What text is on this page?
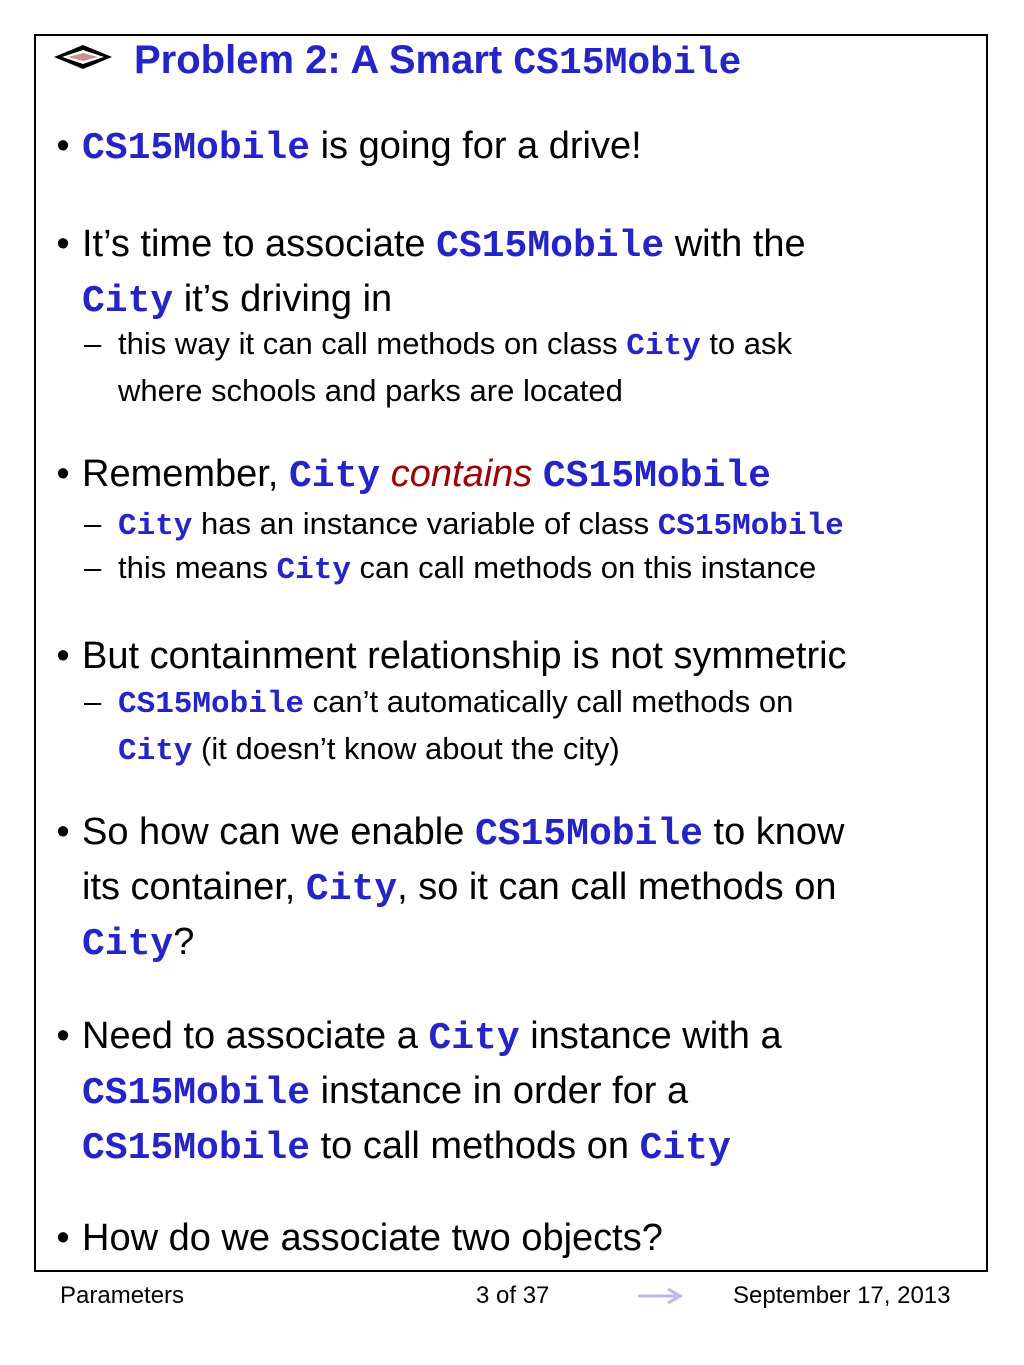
Problem 2: A Smart CS15Mobile
• CS15Mobile is going for a drive!
• It’s time to associate CS15Mobile with the
City it’s driving in
– this way it can call methods on class City to ask
where schools and parks are located
• Remember, City contains CS15Mobile
– City has an instance variable of class CS15Mobile
– this means City can call methods on this instance
• But containment relationship is not symmetric
– CS15Mobile can’t automatically call methods on
City (it doesn’t know about the city)
• So how can we enable CS15Mobile to know
its container, City, so it can call methods on
City?
• Need to associate a City instance with a
CS15Mobile instance in order for a
CS15Mobile to call methods on City
• How do we associate two objects?
Parameters	3 of 37	September 17, 2013
